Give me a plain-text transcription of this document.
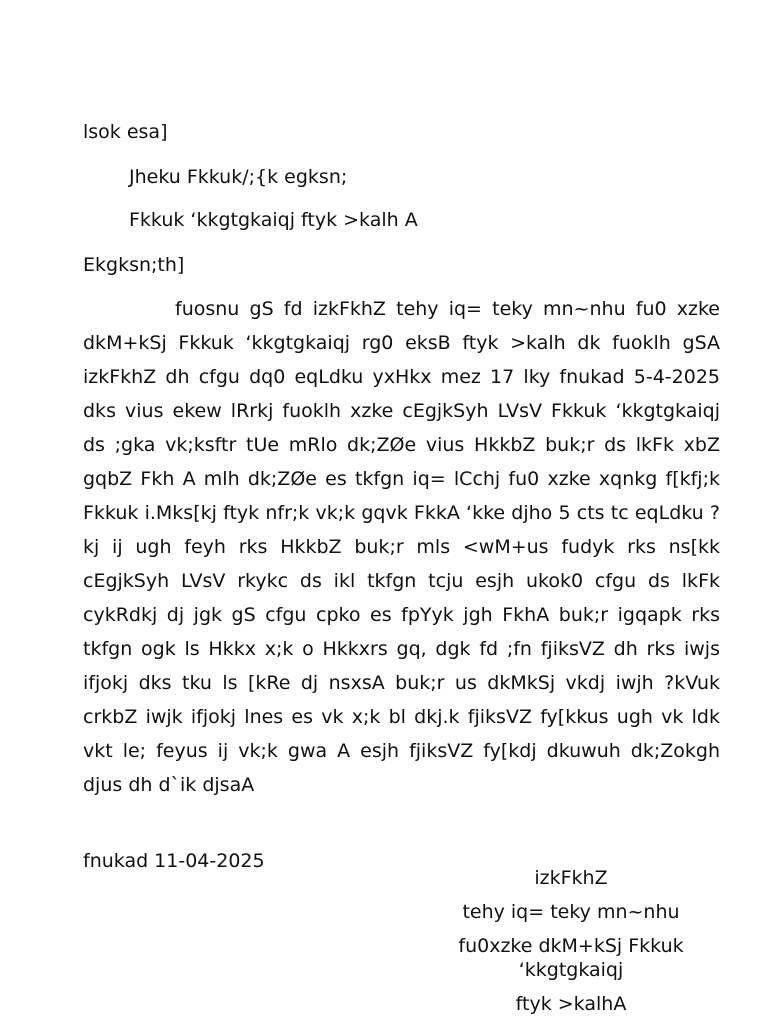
lsok esa]
Jheku Fkkuk/;{k egksn;
Fkkuk ‘kkgtgkaiqj ftyk >kalh A
Ekgksn;th]

fuosnu gS fd izkFkhZ tehy iq= teky mn~nhu fu0 xzke dkM+kSj Fkkuk ‘kkgtgkaiqj rg0 eksB ftyk >kalh dk fuoklh gSA izkFkhZ dh cfgu dq0 eqLdku yxHkx mez 17 lky fnukad 5-4-2025 dks vius ekew lRrkj fuoklh xzke cEgjkSyh LVsV Fkkuk ‘kkgtgkaiqj ds ;gka vk;ksftr tUe mRlo dk;ZØe vius HkkbZ buk;r ds lkFk xbZ gqbZ Fkh A mlh dk;ZØe es tkfgn iq= lCchj fu0 xzke xqnkg f[kfj;k Fkkuk i.Mks[kj ftyk nfr;k vk;k gqvk FkkA ‘kke djho 5 cts tc eqLdku ?kj ij ugh feyh rks HkkbZ buk;r mls <wM+us fudyk rks ns[kk cEgjkSyh LVsV rkykc ds ikl tkfgn tcju esjh ukok0 cfgu ds lkFk cykRdkj dj jgk gS cfgu cpko es fpYyk jgh FkhA buk;r igqapk rks tkfgn ogk ls Hkkx x;k o Hkkxrs gq, dgk fd ;fn fjiksVZ dh rks iwjs ifjokj dks tku ls [kRe dj nsxsA buk;r us dkMkSj vkdj iwjh ?kVuk crkbZ iwjk ifjokj lnes es vk x;k bl dkj.k fjiksVZ fy[kkus ugh vk ldk vkt le; feyus ij vk;k gwa A esjh fjiksVZ fy[kdj dkuwuh dk;Zokgh djus dh d`ik djsaA

fnukad 11-04-2025
izkFkhZ
tehy iq= teky mn~nhu
fu0xzke dkM+kSj Fkkuk ‘kkgtgkaiqj
ftyk >kalhA
